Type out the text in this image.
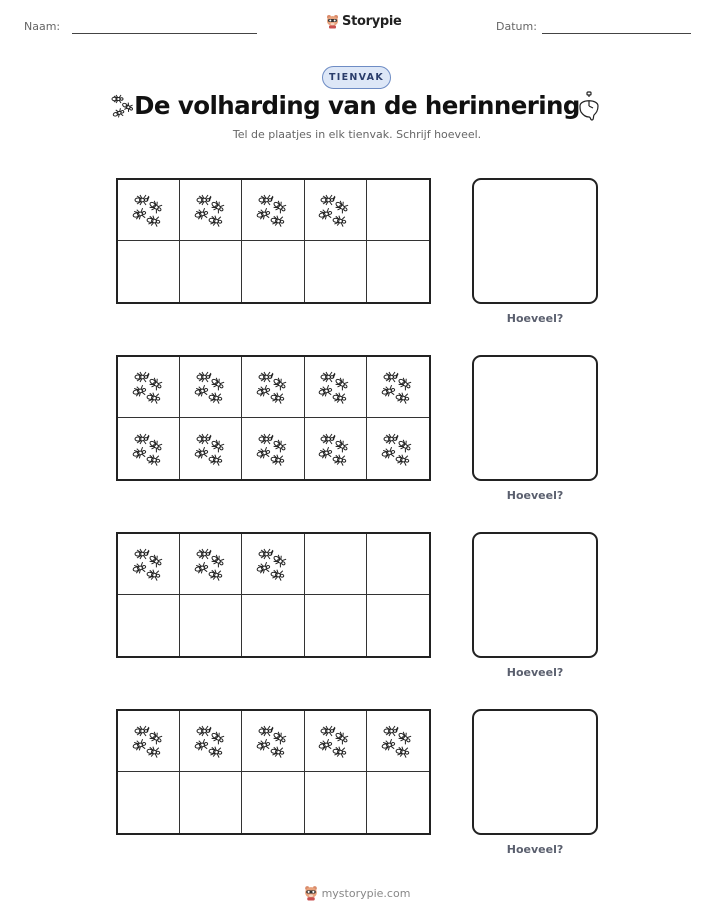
Naam:	Storypie	Datum:
TIENVAK
De volharding van de herinnering
Tel de plaatjes in elk tienvak. Schrijf hoeveel.
Hoeveel?
Hoeveel?
Hoeveel?
Hoeveel?
mystorypie.com
